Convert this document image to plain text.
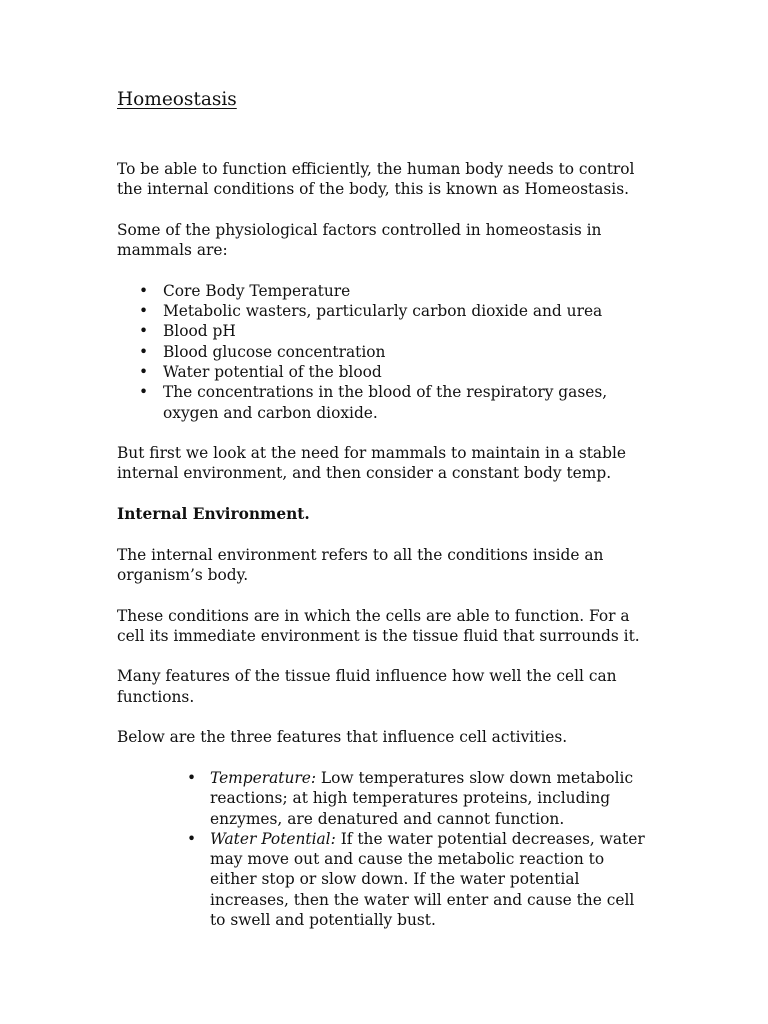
Homeostasis

To be able to function efficiently, the human body needs to control the internal conditions of the body, this is known as Homeostasis.

Some of the physiological factors controlled in homeostasis in mammals are:

• Core Body Temperature
• Metabolic wasters, particularly carbon dioxide and urea
• Blood pH
• Blood glucose concentration
• Water potential of the blood
• The concentrations in the blood of the respiratory gases, oxygen and carbon dioxide.

But first we look at the need for mammals to maintain in a stable internal environment, and then consider a constant body temp.

Internal Environment.

The internal environment refers to all the conditions inside an organism’s body.

These conditions are in which the cells are able to function. For a cell its immediate environment is the tissue fluid that surrounds it.

Many features of the tissue fluid influence how well the cell can functions.

Below are the three features that influence cell activities.

• Temperature: Low temperatures slow down metabolic reactions; at high temperatures proteins, including enzymes, are denatured and cannot function.
• Water Potential: If the water potential decreases, water may move out and cause the metabolic reaction to either stop or slow down. If the water potential increases, then the water will enter and cause the cell to swell and potentially bust.
